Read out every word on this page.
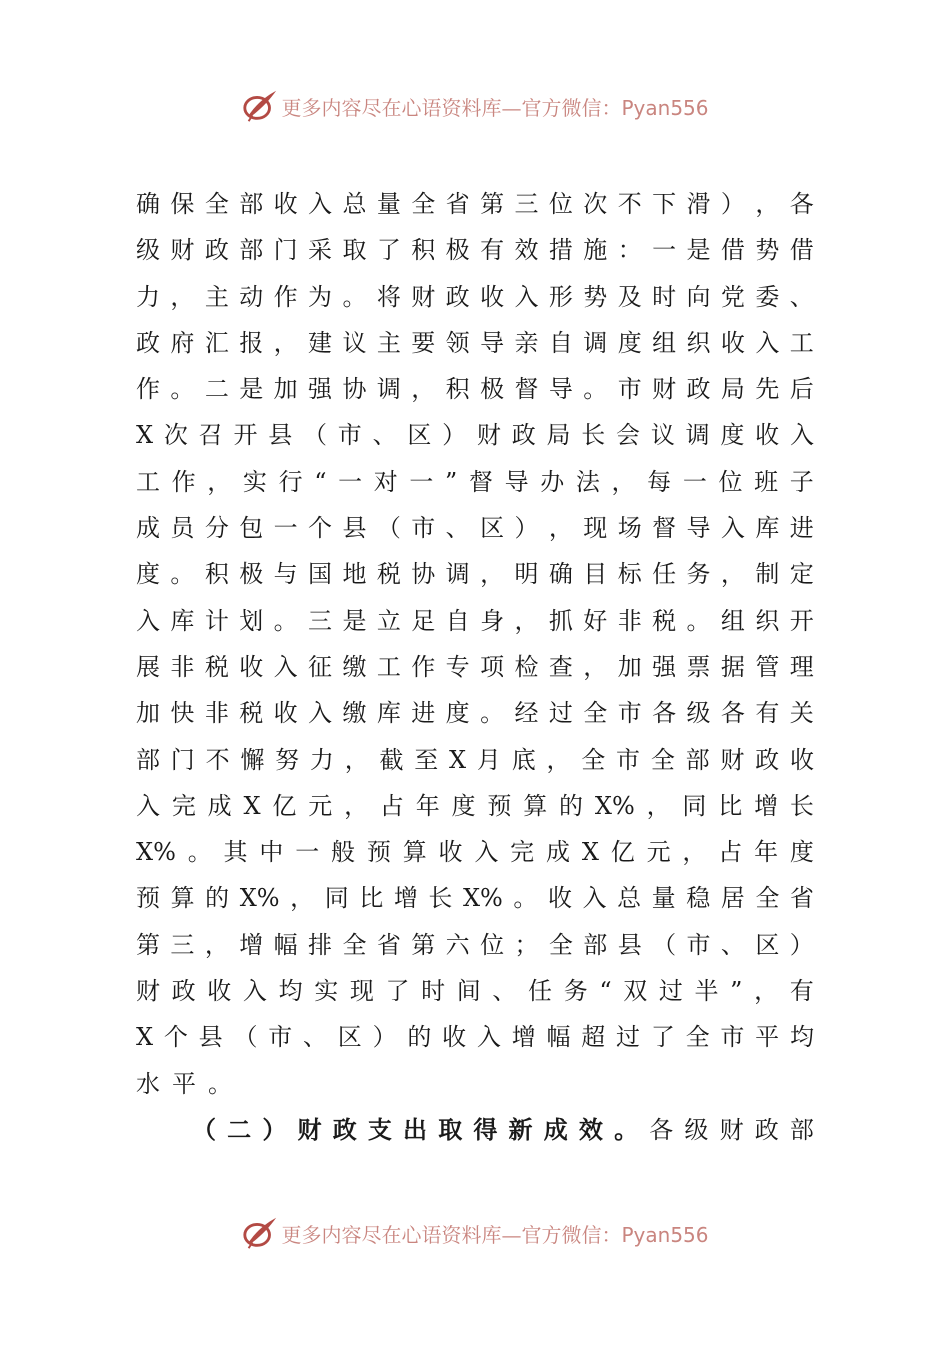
更多内容尽在心语资料库—官方微信：Pyan556
确 保 全 部 收 入 总 量 全 省 第 三 位 次 不 下 滑 ） ， 各
级 财 政 部 门 采 取 了 积 极 有 效 措 施 ： 一 是 借 势 借
力 ， 主 动 作 为 。 将 财 政 收 入 形 势 及 时 向 党 委 、
政 府 汇 报 ， 建 议 主 要 领 导 亲 自 调 度 组 织 收 入 工
作 。 二 是 加 强 协 调 ， 积 极 督 导 。 市 财 政 局 先 后
X 次 召 开 县 （ 市 、 区 ） 财 政 局 长 会 议 调 度 收 入
工 作 ， 实 行 “ 一 对 一 ” 督 导 办 法 ， 每 一 位 班 子
成 员 分 包 一 个 县 （ 市 、 区 ） ， 现 场 督 导 入 库 进
度 。 积 极 与 国 地 税 协 调 ， 明 确 目 标 任 务 ， 制 定
入 库 计 划 。 三 是 立 足 自 身 ， 抓 好 非 税 。 组 织 开
展 非 税 收 入 征 缴 工 作 专 项 检 查 ， 加 强 票 据 管 理
加 快 非 税 收 入 缴 库 进 度 。 经 过 全 市 各 级 各 有 关
部 门 不 懈 努 力 ， 截 至 X 月 底 ， 全 市 全 部 财 政 收
入 完 成 X 亿 元 ， 占 年 度 预 算 的 X% ， 同 比 增 长
X% 。 其 中 一 般 预 算 收 入 完 成 X 亿 元 ， 占 年 度
预 算 的 X% ， 同 比 增 长 X% 。 收 入 总 量 稳 居 全 省
第 三 ， 增 幅 排 全 省 第 六 位 ； 全 部 县 （ 市 、 区 ）
财 政 收 入 均 实 现 了 时 间 、 任 务 “ 双 过 半 ” ， 有
X 个 县 （ 市 、 区 ） 的 收 入 增 幅 超 过 了 全 市 平 均
水 平 。
（ 二 ） 财 政 支 出 取 得 新 成 效 。 各 级 财 政 部
更多内容尽在心语资料库—官方微信：Pyan556
